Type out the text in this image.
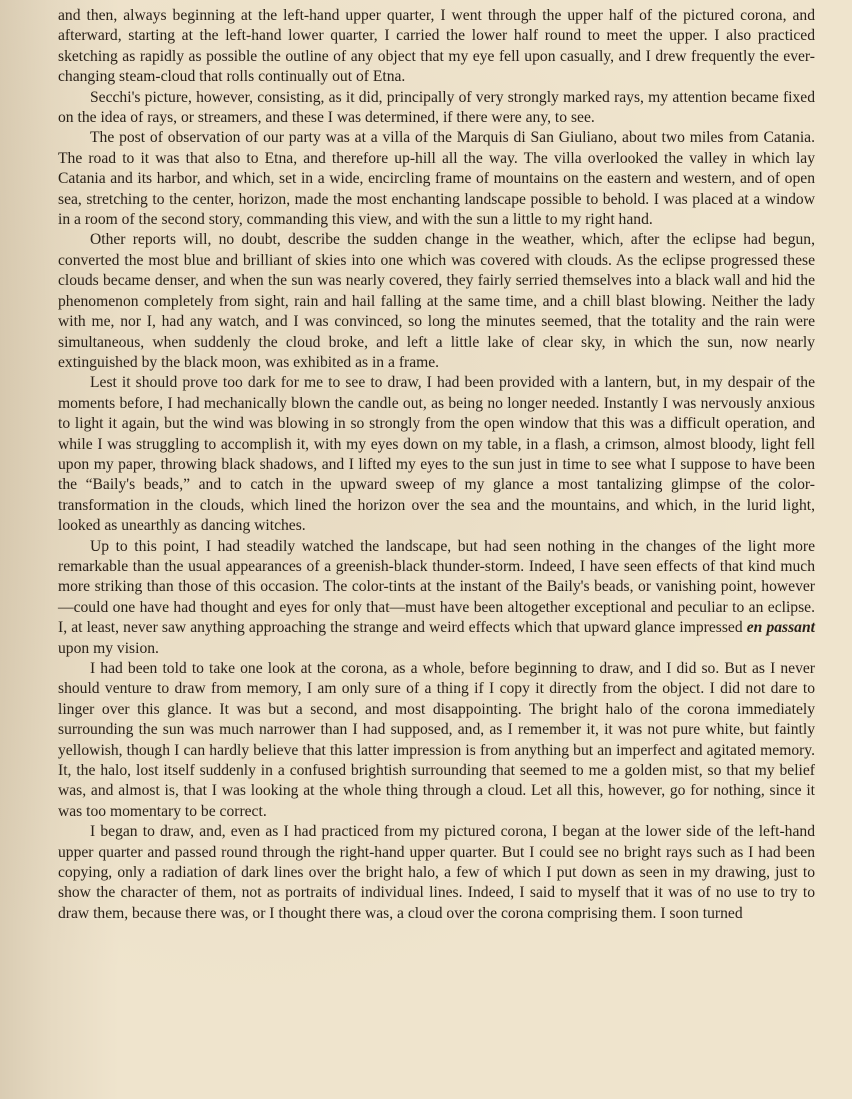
and then, always beginning at the left-hand upper quarter, I went through the upper half of the pictured corona, and afterward, starting at the left-hand lower quarter, I carried the lower half round to meet the upper. I also practiced sketching as rapidly as possible the outline of any object that my eye fell upon casually, and I drew frequently the ever-changing steam-cloud that rolls continually out of Etna.

Secchi's picture, however, consisting, as it did, principally of very strongly marked rays, my attention became fixed on the idea of rays, or streamers, and these I was determined, if there were any, to see.

The post of observation of our party was at a villa of the Marquis di San Giuliano, about two miles from Catania. The road to it was that also to Etna, and therefore up-hill all the way. The villa overlooked the valley in which lay Catania and its harbor, and which, set in a wide, encircling frame of mountains on the eastern and western, and of open sea, stretching to the center, horizon, made the most enchanting landscape possible to behold. I was placed at a window in a room of the second story, commanding this view, and with the sun a little to my right hand.

Other reports will, no doubt, describe the sudden change in the weather, which, after the eclipse had begun, converted the most blue and brilliant of skies into one which was covered with clouds. As the eclipse progressed these clouds became denser, and when the sun was nearly covered, they fairly serried themselves into a black wall and hid the phenomenon completely from sight, rain and hail falling at the same time, and a chill blast blowing. Neither the lady with me, nor I, had any watch, and I was convinced, so long the minutes seemed, that the totality and the rain were simultaneous, when suddenly the cloud broke, and left a little lake of clear sky, in which the sun, now nearly extinguished by the black moon, was exhibited as in a frame.

Lest it should prove too dark for me to see to draw, I had been provided with a lantern, but, in my despair of the moments before, I had mechanically blown the candle out, as being no longer needed. Instantly I was nervously anxious to light it again, but the wind was blowing in so strongly from the open window that this was a difficult operation, and while I was struggling to accomplish it, with my eyes down on my table, in a flash, a crimson, almost bloody, light fell upon my paper, throwing black shadows, and I lifted my eyes to the sun just in time to see what I suppose to have been the “Baily's beads,” and to catch in the upward sweep of my glance a most tantalizing glimpse of the color-transformation in the clouds, which lined the horizon over the sea and the mountains, and which, in the lurid light, looked as unearthly as dancing witches.

Up to this point, I had steadily watched the landscape, but had seen nothing in the changes of the light more remarkable than the usual appearances of a greenish-black thunder-storm. Indeed, I have seen effects of that kind much more striking than those of this occasion. The color-tints at the instant of the Baily's beads, or vanishing point, however—could one have had thought and eyes for only that—must have been altogether exceptional and peculiar to an eclipse. I, at least, never saw anything approaching the strange and weird effects which that upward glance impressed en passant upon my vision.

I had been told to take one look at the corona, as a whole, before beginning to draw, and I did so. But as I never should venture to draw from memory, I am only sure of a thing if I copy it directly from the object. I did not dare to linger over this glance. It was but a second, and most disappointing. The bright halo of the corona immediately surrounding the sun was much narrower than I had supposed, and, as I remember it, it was not pure white, but faintly yellowish, though I can hardly believe that this latter impression is from anything but an imperfect and agitated memory. It, the halo, lost itself suddenly in a confused brightish surrounding that seemed to me a golden mist, so that my belief was, and almost is, that I was looking at the whole thing through a cloud. Let all this, however, go for nothing, since it was too momentary to be correct.

I began to draw, and, even as I had practiced from my pictured corona, I began at the lower side of the left-hand upper quarter and passed round through the right-hand upper quarter. But I could see no bright rays such as I had been copying, only a radiation of dark lines over the bright halo, a few of which I put down as seen in my drawing, just to show the character of them, not as portraits of individual lines. Indeed, I said to myself that it was of no use to try to draw them, because there was, or I thought there was, a cloud over the corona comprising them. I soon turned
